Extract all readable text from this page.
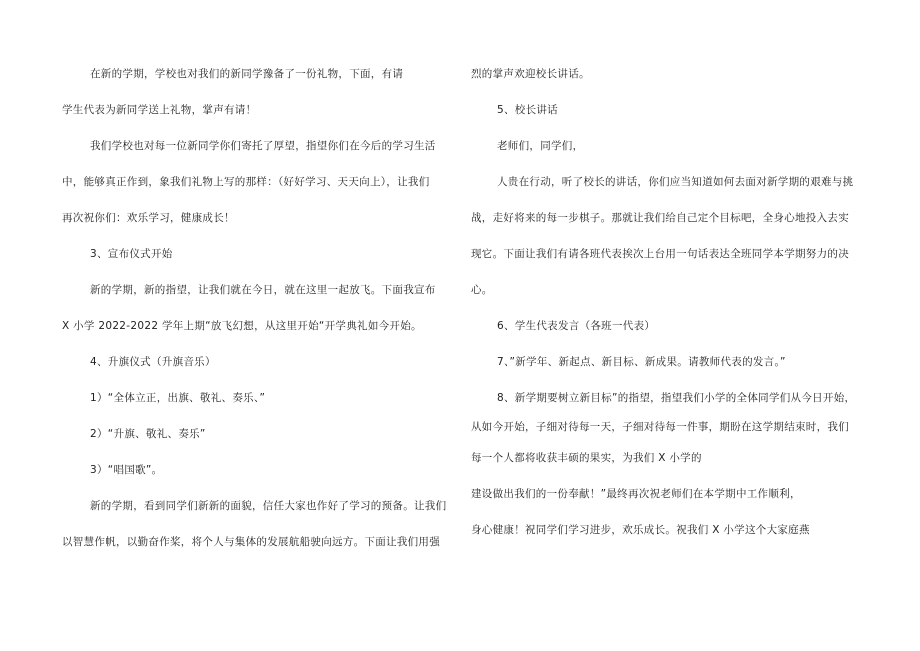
在新的学期，学校也对我们的新同学豫备了一份礼物，下面，有请
学生代表为新同学送上礼物，掌声有请！
我们学校也对每一位新同学你们寄托了厚望，指望你们在今后的学习生活
中，能够真正作到，象我们礼物上写的那样：（好好学习、天天向上），让我们
再次祝你们：欢乐学习，健康成长！
3、宣布仪式开始
新的学期，新的指望，让我们就在今日，就在这里一起放飞。下面我宣布
X 小学 2022-2022 学年上期“放飞幻想，从这里开始“开学典礼如今开始。
4、升旗仪式（升旗音乐）
1）“全体立正，出旗、敬礼、奏乐、”
2）“升旗、敬礼、奏乐”
3）“唱国歌”。
新的学期，看到同学们新新的面貌，信任大家也作好了学习的预备。让我们
以智慧作帆，以勤奋作桨，将个人与集体的发展航船驶向远方。下面让我们用强
烈的掌声欢迎校长讲话。
5、校长讲话
老师们，同学们，
人贵在行动，听了校长的讲话，你们应当知道如何去面对新学期的艰难与挑
战，走好将来的每一步棋子。那就让我们给自己定个目标吧，全身心地投入去实
现它。下面让我们有请各班代表挨次上台用一句话表达全班同学本学期努力的决
心。
6、学生代表发言（各班一代表）
7、”新学年、新起点、新目标、新成果。请教师代表的发言。”
8、新学期要树立新目标”的指望，指望我们小学的全体同学们从今日开始，
从如今开始，子细对待每一天，子细对待每一件事，期盼在这学期结束时，我们
每一个人都将收获丰硕的果实，为我们 X 小学的
建设做出我们的一份奉献！”最终再次祝老师们在本学期中工作顺利，
身心健康！祝同学们学习进步，欢乐成长。祝我们 X 小学这个大家庭燕
